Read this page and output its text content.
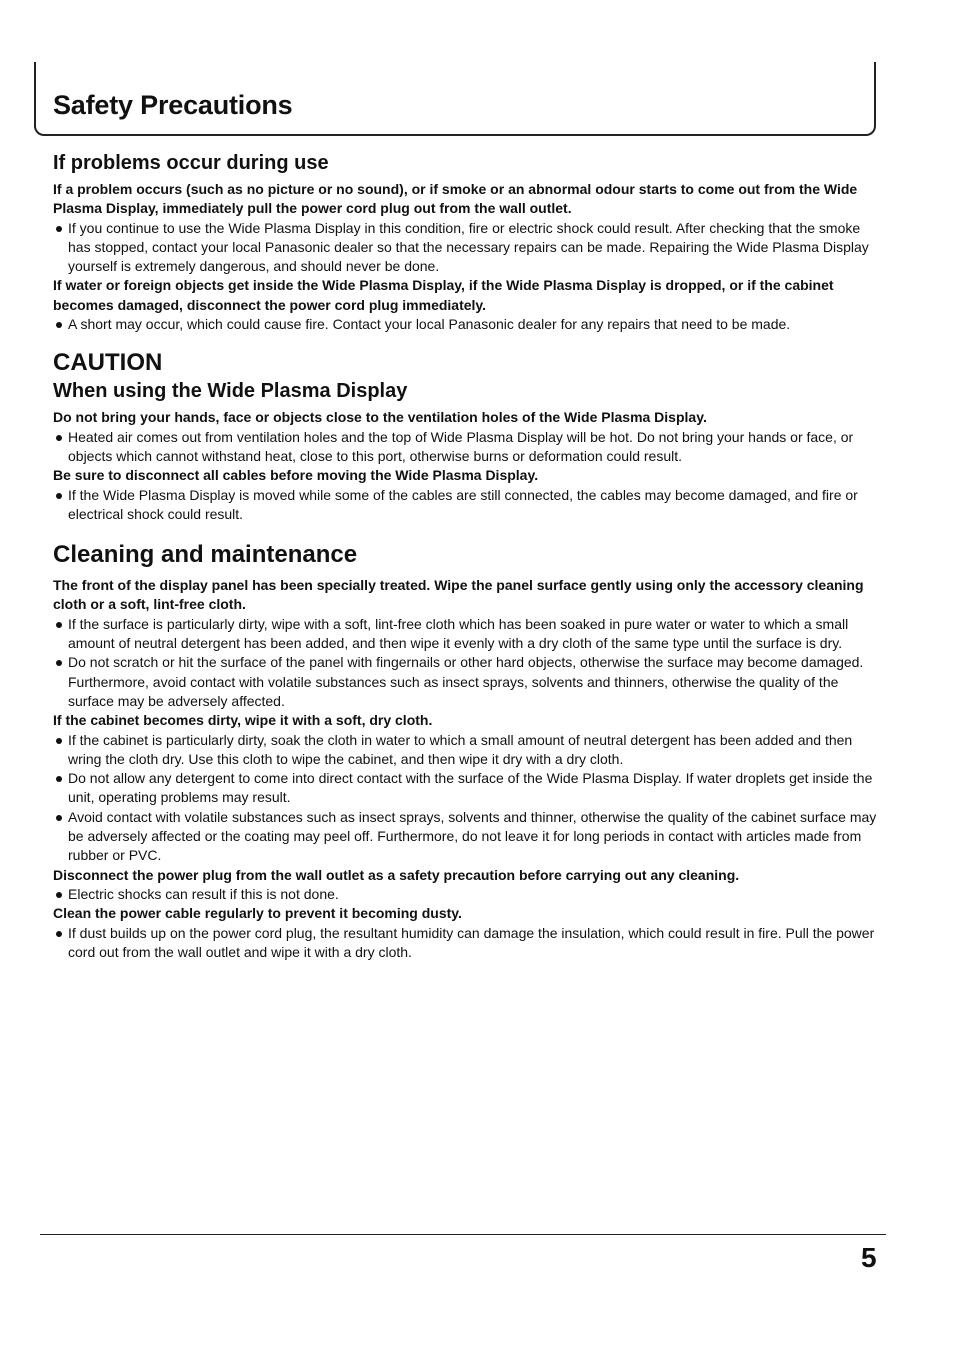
Safety Precautions
If problems occur during use

If a problem occurs (such as no picture or no sound), or if smoke or an abnormal odour starts to come out from the Wide Plasma Display, immediately pull the power cord plug out from the wall outlet.

If you continue to use the Wide Plasma Display in this condition, fire or electric shock could result. After checking that the smoke has stopped, contact your local Panasonic dealer so that the necessary repairs can be made. Repairing the Wide Plasma Display yourself is extremely dangerous, and should never be done.

If water or foreign objects get inside the Wide Plasma Display, if the Wide Plasma Display is dropped, or if the cabinet becomes damaged, disconnect the power cord plug immediately.

A short may occur, which could cause fire. Contact your local Panasonic dealer for any repairs that need to be made.
CAUTION
When using the Wide Plasma Display

Do not bring your hands, face or objects close to the ventilation holes of the Wide Plasma Display.

Heated air comes out from ventilation holes and the top of Wide Plasma Display will be hot. Do not bring your hands or face, or objects which cannot withstand heat, close to this port, otherwise burns or deformation could result.

Be sure to disconnect all cables before moving the Wide Plasma Display.

If the Wide Plasma Display is moved while some of the cables are still connected, the cables may become damaged, and fire or electrical shock could result.
Cleaning and maintenance

The front of the display panel has been specially treated. Wipe the panel surface gently using only the accessory cleaning cloth or a soft, lint-free cloth.

If the surface is particularly dirty, wipe with a soft, lint-free cloth which has been soaked in pure water or water to which a small amount of neutral detergent has been added, and then wipe it evenly with a dry cloth of the same type until the surface is dry.
Do not scratch or hit the surface of the panel with fingernails or other hard objects, otherwise the surface may become damaged. Furthermore, avoid contact with volatile substances such as insect sprays, solvents and thinners, otherwise the quality of the surface may be adversely affected.

If the cabinet becomes dirty, wipe it with a soft, dry cloth.

If the cabinet is particularly dirty, soak the cloth in water to which a small amount of neutral detergent has been added and then wring the cloth dry. Use this cloth to wipe the cabinet, and then wipe it dry with a dry cloth.
Do not allow any detergent to come into direct contact with the surface of the Wide Plasma Display. If water droplets get inside the unit, operating problems may result.
Avoid contact with volatile substances such as insect sprays, solvents and thinner, otherwise the quality of the cabinet surface may be adversely affected or the coating may peel off. Furthermore, do not leave it for long periods in contact with articles made from rubber or PVC.

Disconnect the power plug from the wall outlet as a safety precaution before carrying out any cleaning.

Electric shocks can result if this is not done.

Clean the power cable regularly to prevent it becoming dusty.

If dust builds up on the power cord plug, the resultant humidity can damage the insulation, which could result in fire. Pull the power cord out from the wall outlet and wipe it with a dry cloth.
5
